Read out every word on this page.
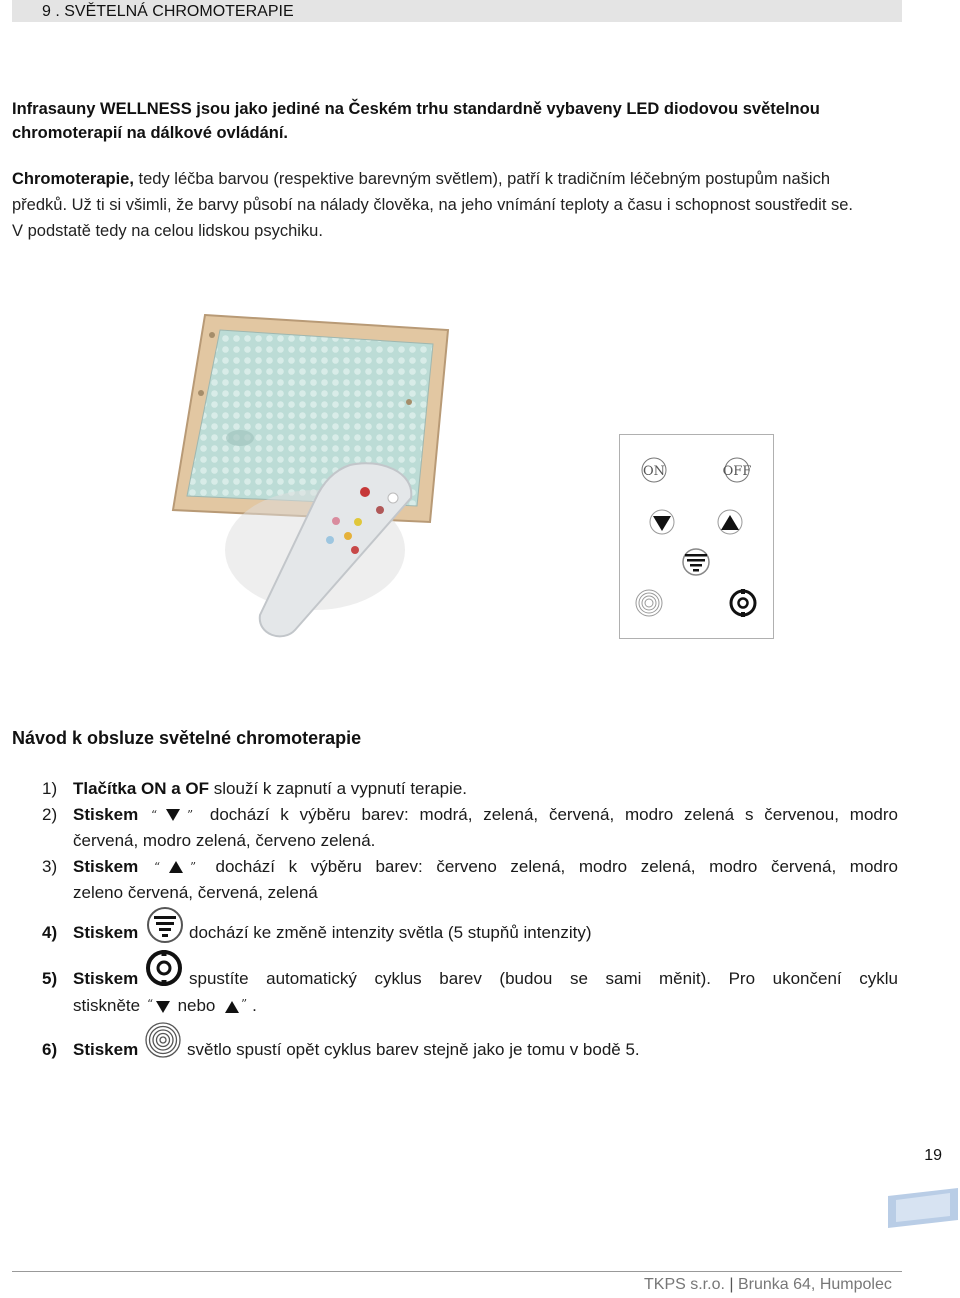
9 . SVĚTELNÁ CHROMOTERAPIE
Infrasauny WELLNESS jsou jako jediné na Českém trhu standardně vybaveny LED diodovou světelnou
chromoterapií na dálkové ovládání.
Chromoterapie, tedy léčba barvou (respektive barevným světlem), patří k tradičním léčebným postupům našich
předků. Už ti si všimli, že barvy působí na nálady člověka, na jeho vnímání teploty a času i schopnost soustředit se.
V podstatě tedy na celou lidskou psychiku.
ON	OFF
Návod k obsluze světelné chromoterapie
1) Tlačítka ON a OF slouží k zapnutí a vypnutí terapie.
2) Stiskem “ ” dochází k výběru barev: modrá, zelená, červená, modro zelená s červenou, modro
červená, modro zelená, červeno zelená.
3) Stiskem “ ” dochází k výběru barev: červeno zelená, modro zelená, modro červená, modro
zeleno červená, červená, zelená
4) Stiskem	dochází ke změně intenzity světla (5 stupňů intenzity)
5) Stiskem	spustíte automatický cyklus barev (budou se sami měnit). Pro ukončení cyklu
stiskněte “ nebo ” .
6) Stiskem	světlo spustí opět cyklus barev stejně jako je tomu v bodě 5.
19
TKPS s.r.o. | Brunka 64, Humpolec
